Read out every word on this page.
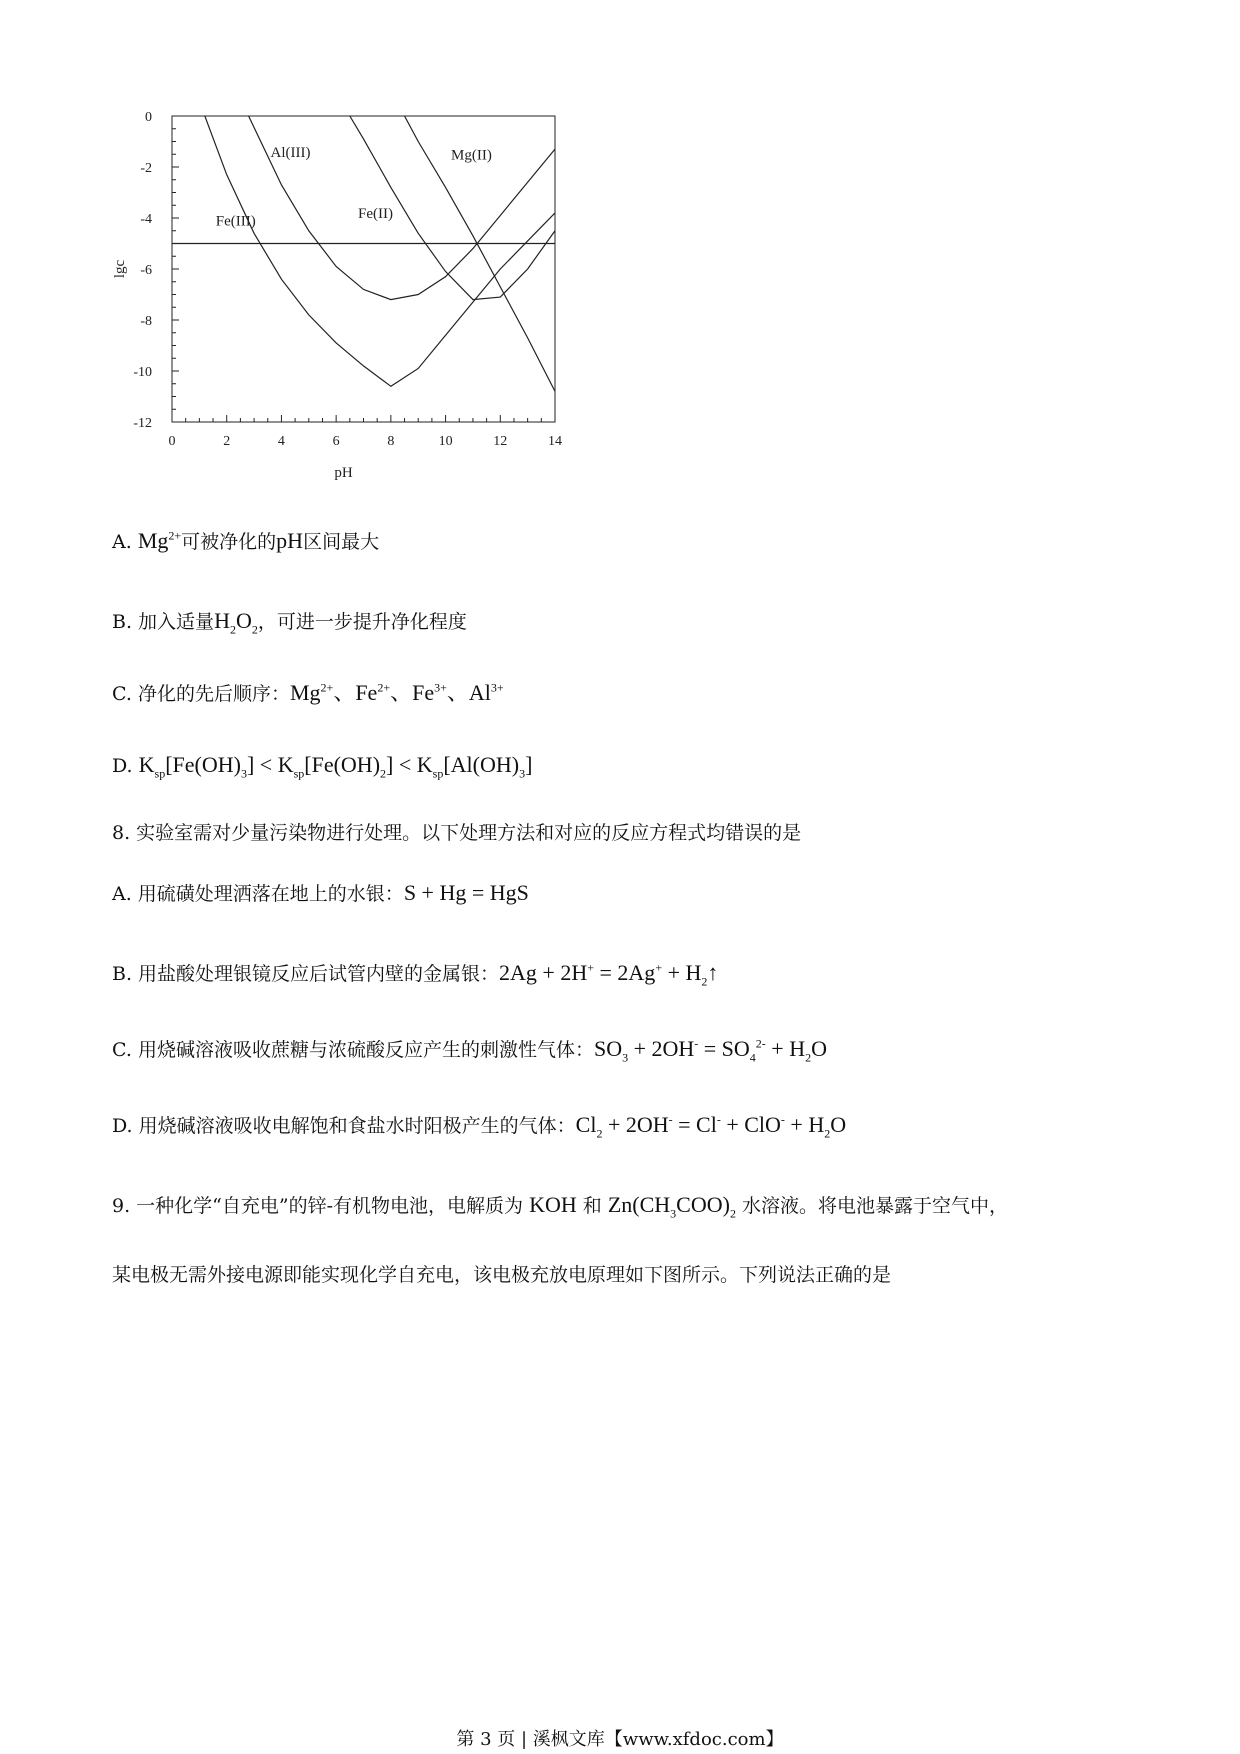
0
-2
-4
-6
-8
-10
-12
0	2	4	6	8	10	12	14
pH
lgc
Fe(III)
Al(III)
Fe(II)
Mg(II)
A. $Mg^{2+}$可被净化的pH区间最大
B. 加入适量$H_2O_2$，可进一步提升净化程度
C. 净化的先后顺序：$Mg^{2+}$、$Fe^{2+}$、$Fe^{3+}$、$Al^{3+}$
D. $K_{sp}[Fe(OH)_3] < K_{sp}[Fe(OH)_2] < K_{sp}[Al(OH)_3]$
8. 实验室需对少量污染物进行处理。以下处理方法和对应的反应方程式均错误的是
A. 用硫磺处理洒落在地上的水银：S + Hg = HgS
B. 用盐酸处理银镜反应后试管内壁的金属银：$2Ag + 2H^+ = 2Ag^+ + H_2↑$
C. 用烧碱溶液吸收蔗糖与浓硫酸反应产生的刺激性气体：$SO_3 + 2OH^- = SO_4^{2-} + H_2O$
D. 用烧碱溶液吸收电解饱和食盐水时阳极产生的气体：$Cl_2 + 2OH^- = Cl^- + ClO^- + H_2O$
9. 一种化学“自充电”的锌-有机物电池，电解质为 KOH 和 $Zn(CH_3COO)_2$ 水溶液。将电池暴露于空气中，
某电极无需外接电源即能实现化学自充电，该电极充放电原理如下图所示。下列说法正确的是
第 3 页 | 溪枫文库【www.xfdoc.com】
